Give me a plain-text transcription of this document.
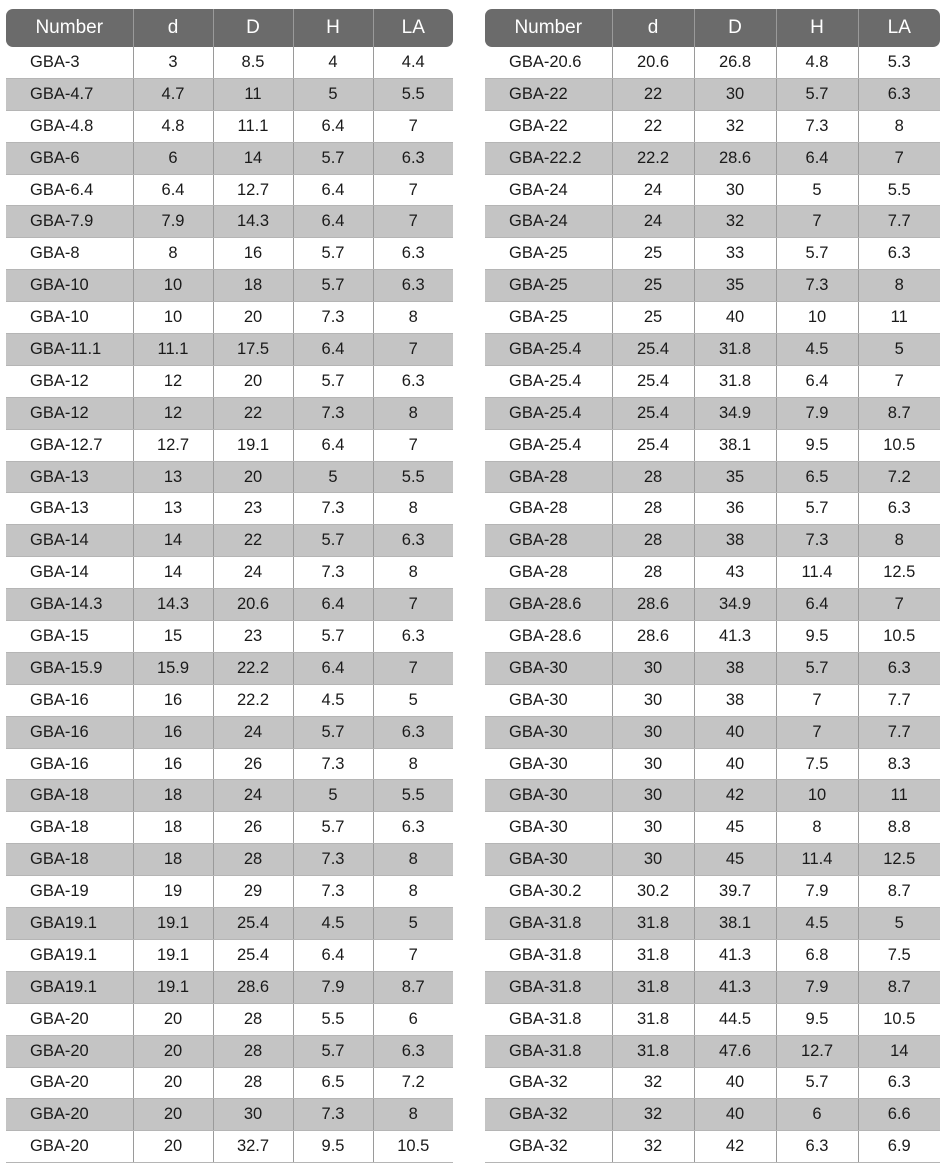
Number	d	D	H	LA
GBA-3	3	8.5	4	4.4
GBA-4.7	4.7	11	5	5.5
GBA-4.8	4.8	11.1	6.4	7
GBA-6	6	14	5.7	6.3
GBA-6.4	6.4	12.7	6.4	7
GBA-7.9	7.9	14.3	6.4	7
GBA-8	8	16	5.7	6.3
GBA-10	10	18	5.7	6.3
GBA-10	10	20	7.3	8
GBA-11.1	11.1	17.5	6.4	7
GBA-12	12	20	5.7	6.3
GBA-12	12	22	7.3	8
GBA-12.7	12.7	19.1	6.4	7
GBA-13	13	20	5	5.5
GBA-13	13	23	7.3	8
GBA-14	14	22	5.7	6.3
GBA-14	14	24	7.3	8
GBA-14.3	14.3	20.6	6.4	7
GBA-15	15	23	5.7	6.3
GBA-15.9	15.9	22.2	6.4	7
GBA-16	16	22.2	4.5	5
GBA-16	16	24	5.7	6.3
GBA-16	16	26	7.3	8
GBA-18	18	24	5	5.5
GBA-18	18	26	5.7	6.3
GBA-18	18	28	7.3	8
GBA-19	19	29	7.3	8
GBA19.1	19.1	25.4	4.5	5
GBA19.1	19.1	25.4	6.4	7
GBA19.1	19.1	28.6	7.9	8.7
GBA-20	20	28	5.5	6
GBA-20	20	28	5.7	6.3
GBA-20	20	28	6.5	7.2
GBA-20	20	30	7.3	8
GBA-20	20	32.7	9.5	10.5
Number	d	D	H	LA
GBA-20.6	20.6	26.8	4.8	5.3
GBA-22	22	30	5.7	6.3
GBA-22	22	32	7.3	8
GBA-22.2	22.2	28.6	6.4	7
GBA-24	24	30	5	5.5
GBA-24	24	32	7	7.7
GBA-25	25	33	5.7	6.3
GBA-25	25	35	7.3	8
GBA-25	25	40	10	11
GBA-25.4	25.4	31.8	4.5	5
GBA-25.4	25.4	31.8	6.4	7
GBA-25.4	25.4	34.9	7.9	8.7
GBA-25.4	25.4	38.1	9.5	10.5
GBA-28	28	35	6.5	7.2
GBA-28	28	36	5.7	6.3
GBA-28	28	38	7.3	8
GBA-28	28	43	11.4	12.5
GBA-28.6	28.6	34.9	6.4	7
GBA-28.6	28.6	41.3	9.5	10.5
GBA-30	30	38	5.7	6.3
GBA-30	30	38	7	7.7
GBA-30	30	40	7	7.7
GBA-30	30	40	7.5	8.3
GBA-30	30	42	10	11
GBA-30	30	45	8	8.8
GBA-30	30	45	11.4	12.5
GBA-30.2	30.2	39.7	7.9	8.7
GBA-31.8	31.8	38.1	4.5	5
GBA-31.8	31.8	41.3	6.8	7.5
GBA-31.8	31.8	41.3	7.9	8.7
GBA-31.8	31.8	44.5	9.5	10.5
GBA-31.8	31.8	47.6	12.7	14
GBA-32	32	40	5.7	6.3
GBA-32	32	40	6	6.6
GBA-32	32	42	6.3	6.9
